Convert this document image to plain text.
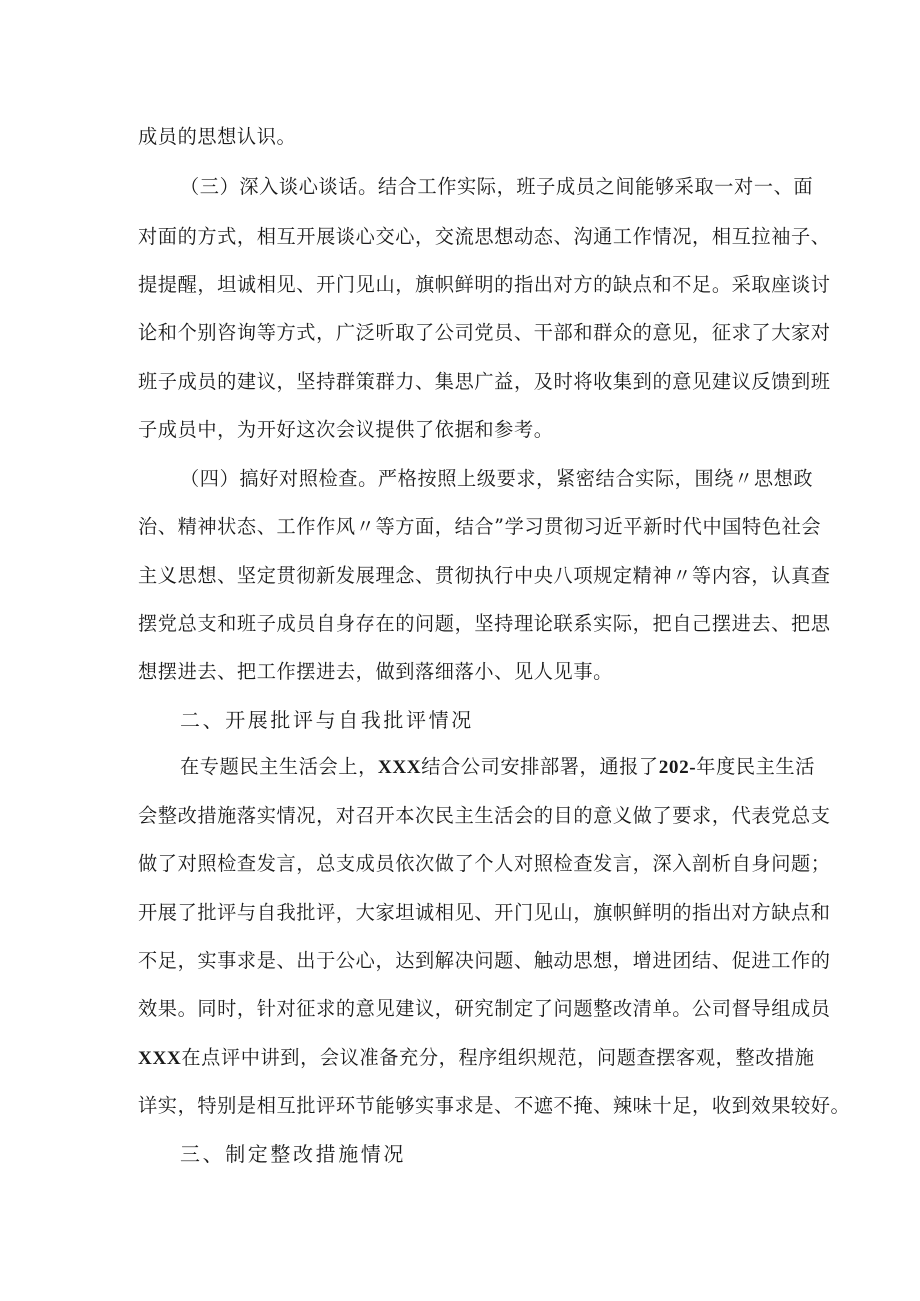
成员的思想认识。
（三）深入谈心谈话。结合工作实际，班子成员之间能够采取一对一、面
对面的方式，相互开展谈心交心，交流思想动态、沟通工作情况，相互拉袖子、
提提醒，坦诚相见、开门见山，旗帜鲜明的指出对方的缺点和不足。采取座谈讨
论和个别咨询等方式，广泛听取了公司党员、干部和群众的意见，征求了大家对
班子成员的建议，坚持群策群力、集思广益，及时将收集到的意见建议反馈到班
子成员中，为开好这次会议提供了依据和参考。
（四）搞好对照检查。严格按照上级要求，紧密结合实际，围绕〃思想政
治、精神状态、工作作风〃等方面，结合”学习贯彻习近平新时代中国特色社会
主义思想、坚定贯彻新发展理念、贯彻执行中央八项规定精神〃等内容，认真查
摆党总支和班子成员自身存在的问题，坚持理论联系实际，把自己摆进去、把思
想摆进去、把工作摆进去，做到落细落小、见人见事。
二、开展批评与自我批评情况
在专题民主生活会上，XXX结合公司安排部署，通报了202-年度民主生活
会整改措施落实情况，对召开本次民主生活会的目的意义做了要求，代表党总支
做了对照检查发言，总支成员依次做了个人对照检查发言，深入剖析自身问题；
开展了批评与自我批评，大家坦诚相见、开门见山，旗帜鲜明的指出对方缺点和
不足，实事求是、出于公心，达到解决问题、触动思想，增进团结、促进工作的
效果。同时，针对征求的意见建议，研究制定了问题整改清单。公司督导组成员
XXX在点评中讲到，会议准备充分，程序组织规范，问题查摆客观，整改措施
详实，特别是相互批评环节能够实事求是、不遮不掩、辣味十足，收到效果较好。
三、制定整改措施情况
